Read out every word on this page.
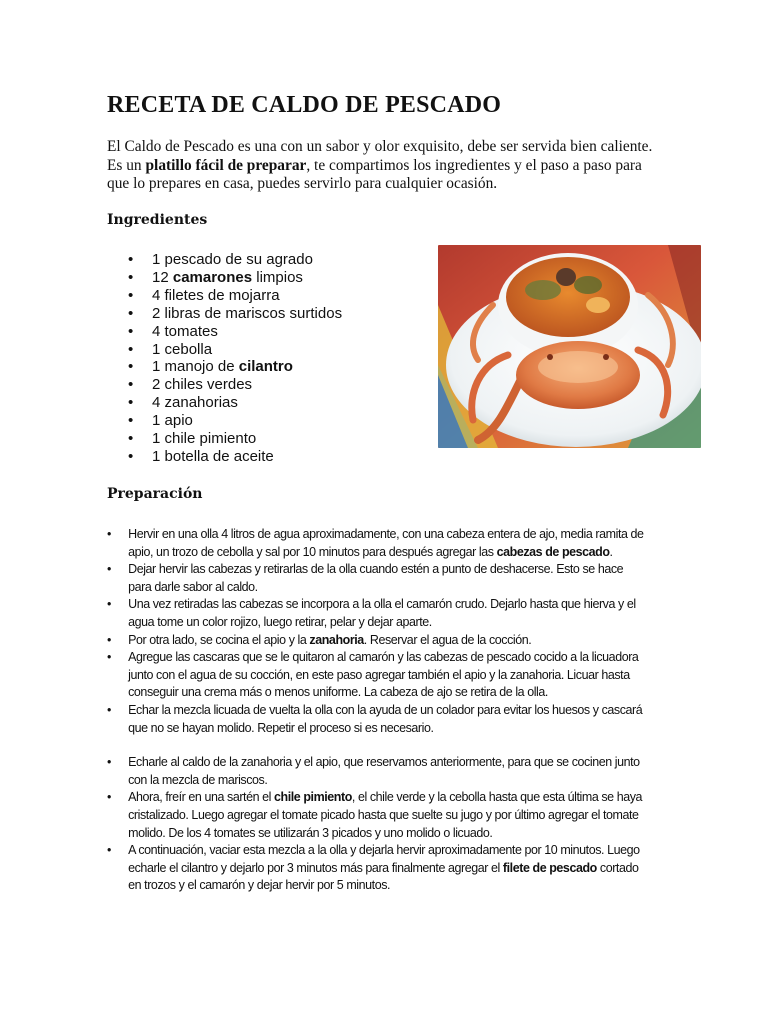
RECETA DE CALDO DE PESCADO

El Caldo de Pescado es una con un sabor y olor exquisito, debe ser servida bien caliente. Es un platillo fácil de preparar, te compartimos los ingredientes y el paso a paso para que lo prepares en casa, puedes servirlo para cualquier ocasión.

Ingredientes
• 1 pescado de su agrado
• 12 camarones limpios
• 4 filetes de mojarra
• 2 libras de mariscos surtidos
• 4 tomates
• 1 cebolla
• 1 manojo de cilantro
• 2 chiles verdes
• 4 zanahorias
• 1 apio
• 1 chile pimiento
• 1 botella de aceite
Preparación
• Hervir en una olla 4 litros de agua aproximadamente, con una cabeza entera de ajo, media ramita de apio, un trozo de cebolla y sal por 10 minutos para después agregar las cabezas de pescado.
• Dejar hervir las cabezas y retirarlas de la olla cuando estén a punto de deshacerse. Esto se hace para darle sabor al caldo.
• Una vez retiradas las cabezas se incorpora a la olla el camarón crudo. Dejarlo hasta que hierva y el agua tome un color rojizo, luego retirar, pelar y dejar aparte.
• Por otra lado, se cocina el apio y la zanahoria. Reservar el agua de la cocción.
• Agregue las cascaras que se le quitaron al camarón y las cabezas de pescado cocido a la licuadora junto con el agua de su cocción, en este paso agregar también el apio y la zanahoria. Licuar hasta conseguir una crema más o menos uniforme. La cabeza de ajo se retira de la olla.
• Echar la mezcla licuada de vuelta la olla con la ayuda de un colador para evitar los huesos y cascará que no se hayan molido. Repetir el proceso si es necesario.
• Echarle al caldo de la zanahoria y el apio, que reservamos anteriormente, para que se cocinen junto con la mezcla de mariscos.
• Ahora, freír en una sartén el chile pimiento, el chile verde y la cebolla hasta que esta última se haya cristalizado. Luego agregar el tomate picado hasta que suelte su jugo y por último agregar el tomate molido. De los 4 tomates se utilizarán 3 picados y uno molido o licuado.
• A continuación, vaciar esta mezcla a la olla y dejarla hervir aproximadamente por 10 minutos. Luego echarle el cilantro y dejarlo por 3 minutos más para finalmente agregar el filete de pescado cortado en trozos y el camarón y dejar hervir por 5 minutos.
